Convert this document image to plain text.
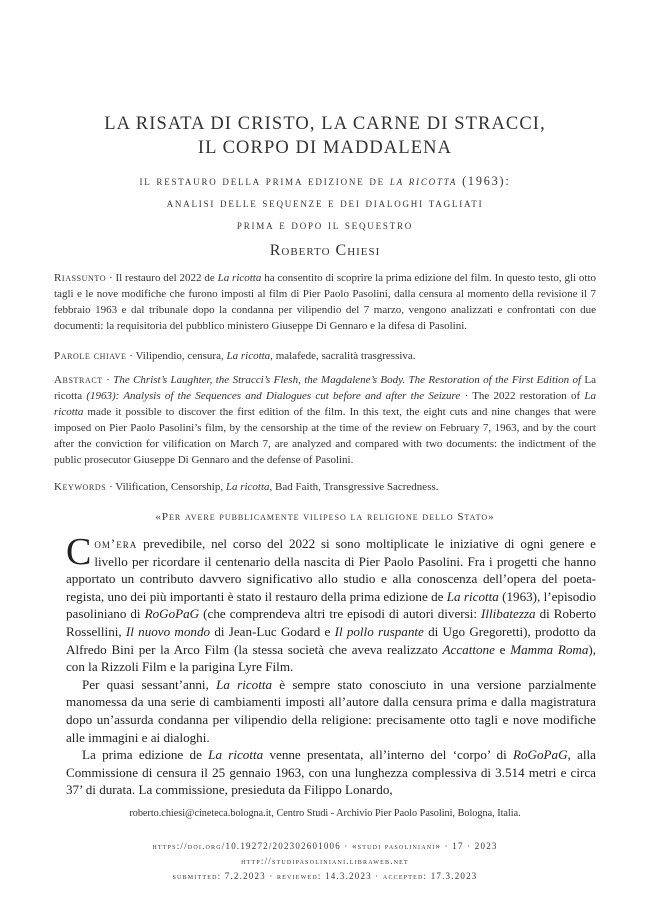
LA RISATA DI CRISTO, LA CARNE DI STRACCI,
IL CORPO DI MADDALENA
il restauro della prima edizione de la ricotta (1963):
analisi delle sequenze e dei dialoghi tagliati
prima e dopo il sequestro
Roberto Chiesi
Riassunto · Il restauro del 2022 de La ricotta ha consentito di scoprire la prima edizione del film. In questo testo, gli otto tagli e le nove modifiche che furono imposti al film di Pier Paolo Pasolini, dalla censura al momento della revisione il 7 febbraio 1963 e dal tribunale dopo la condanna per vilipendio del 7 marzo, vengono analizzati e confrontati con due documenti: la requisitoria del pubblico ministero Giuseppe Di Gennaro e la difesa di Pasolini.
Parole chiave · Vilipendio, censura, La ricotta, malafede, sacralità trasgressiva.
Abstract · The Christ’s Laughter, the Stracci’s Flesh, the Magdalene’s Body. The Restoration of the First Edition of La ricotta (1963): Analysis of the Sequences and Dialogues cut before and after the Seizure · The 2022 restoration of La ricotta made it possible to discover the first edition of the film. In this text, the eight cuts and nine changes that were imposed on Pier Paolo Pasolini’s film, by the censorship at the time of the review on February 7, 1963, and by the court after the conviction for vilification on March 7, are analyzed and compared with two documents: the indictment of the public prosecutor Giuseppe Di Gennaro and the defense of Pasolini.
Keywords · Vilification, Censorship, La ricotta, Bad Faith, Transgressive Sacredness.
«Per avere pubblicamente vilipeso la religione dello Stato»

Com’era prevedibile, nel corso del 2022 si sono moltiplicate le iniziative di ogni genere e livello per ricordare il centenario della nascita di Pier Paolo Pasolini. Fra i progetti che hanno apportato un contributo davvero significativo allo studio e alla conoscenza dell’opera del poeta-regista, uno dei più importanti è stato il restauro della prima edizione de La ricotta (1963), l’episodio pasoliniano di RoGoPaG (che comprendeva altri tre episodi di autori diversi: Illibatezza di Roberto Rossellini, Il nuovo mondo di Jean-Luc Godard e Il pollo ruspante di Ugo Gregoretti), prodotto da Alfredo Bini per la Arco Film (la stessa società che aveva realizzato Accattone e Mamma Roma), con la Rizzoli Film e la parigina Lyre Film.

Per quasi sessant’anni, La ricotta è sempre stato conosciuto in una versione parzialmente manomessa da una serie di cambiamenti imposti all’autore dalla censura prima e dalla magistratura dopo un’assurda condanna per vilipendio della religione: precisamente otto tagli e nove modifiche alle immagini e ai dialoghi.

La prima edizione de La ricotta venne presentata, all’interno del ‘corpo’ di RoGoPaG, alla Commissione di censura il 25 gennaio 1963, con una lunghezza complessiva di 3.514 metri e circa 37’ di durata. La commissione, presieduta da Filippo Lonardo,

roberto.chiesi@cineteca.bologna.it, Centro Studi - Archivio Pier Paolo Pasolini, Bologna, Italia.
https://doi.org/10.19272/202302601006 · «studi pasoliniani» · 17 · 2023
http://studipasoliniani.libraweb.net
submitted: 7.2.2023 · reviewed: 14.3.2023 · accepted: 17.3.2023
